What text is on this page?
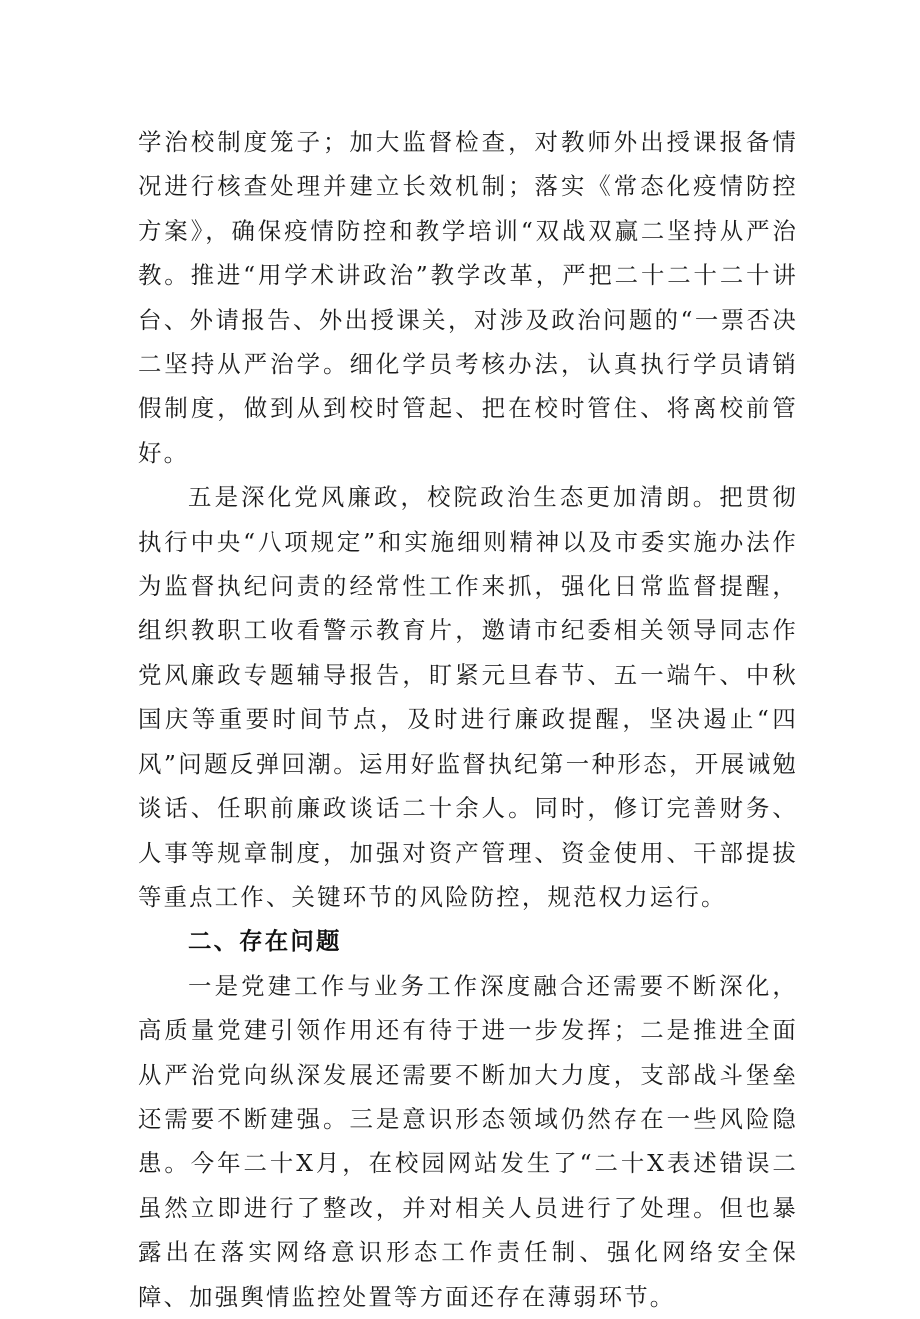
学治校制度笼子；加大监督检查，对教师外出授课报备情况进行核查处理并建立长效机制；落实《常态化疫情防控方案》，确保疫情防控和教学培训“双战双赢二坚持从严治教。推进“用学术讲政治”教学改革，严把二十二十二十讲台、外请报告、外出授课关，对涉及政治问题的“一票否决二坚持从严治学。细化学员考核办法，认真执行学员请销假制度，做到从到校时管起、把在校时管住、将离校前管好。

五是深化党风廉政，校院政治生态更加清朗。把贯彻执行中央“八项规定”和实施细则精神以及市委实施办法作为监督执纪问责的经常性工作来抓，强化日常监督提醒，组织教职工收看警示教育片，邀请市纪委相关领导同志作党风廉政专题辅导报告，盯紧元旦春节、五一端午、中秋国庆等重要时间节点，及时进行廉政提醒，坚决遏止“四风”问题反弹回潮。运用好监督执纪第一种形态，开展诫勉谈话、任职前廉政谈话二十余人。同时，修订完善财务、人事等规章制度，加强对资产管理、资金使用、干部提拔等重点工作、关键环节的风险防控，规范权力运行。

二、存在问题

一是党建工作与业务工作深度融合还需要不断深化，高质量党建引领作用还有待于进一步发挥；二是推进全面从严治党向纵深发展还需要不断加大力度，支部战斗堡垒还需要不断建强。三是意识形态领域仍然存在一些风险隐患。今年二十X月，在校园网站发生了“二十X表述错误二虽然立即进行了整改，并对相关人员进行了处理。但也暴露出在落实网络意识形态工作责任制、强化网络安全保障、加强舆情监控处置等方面还存在薄弱环节。
